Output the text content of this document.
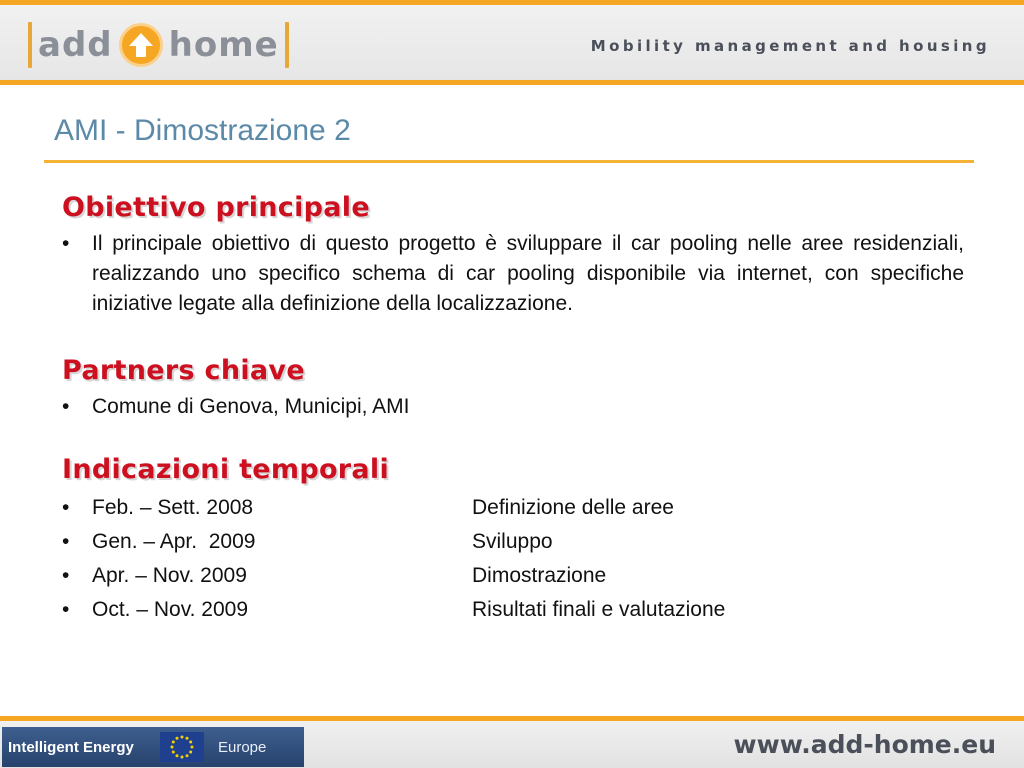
add home	Mobility management and housing
AMI - Dimostrazione 2
Obiettivo principale
• Il principale obiettivo di questo progetto è sviluppare il car pooling nelle aree residenziali, realizzando uno specifico schema di car pooling disponibile via internet, con specifiche iniziative legate alla definizione della localizzazione.
Partners chiave
• Comune di Genova, Municipi, AMI
Indicazioni temporali
• Feb. – Sett. 2008	Definizione delle aree
• Gen. – Apr.  2009	Sviluppo
• Apr. – Nov. 2009	Dimostrazione
• Oct. – Nov. 2009	Risultati finali e valutazione
Intelligent Energy	Europe	www.add-home.eu
